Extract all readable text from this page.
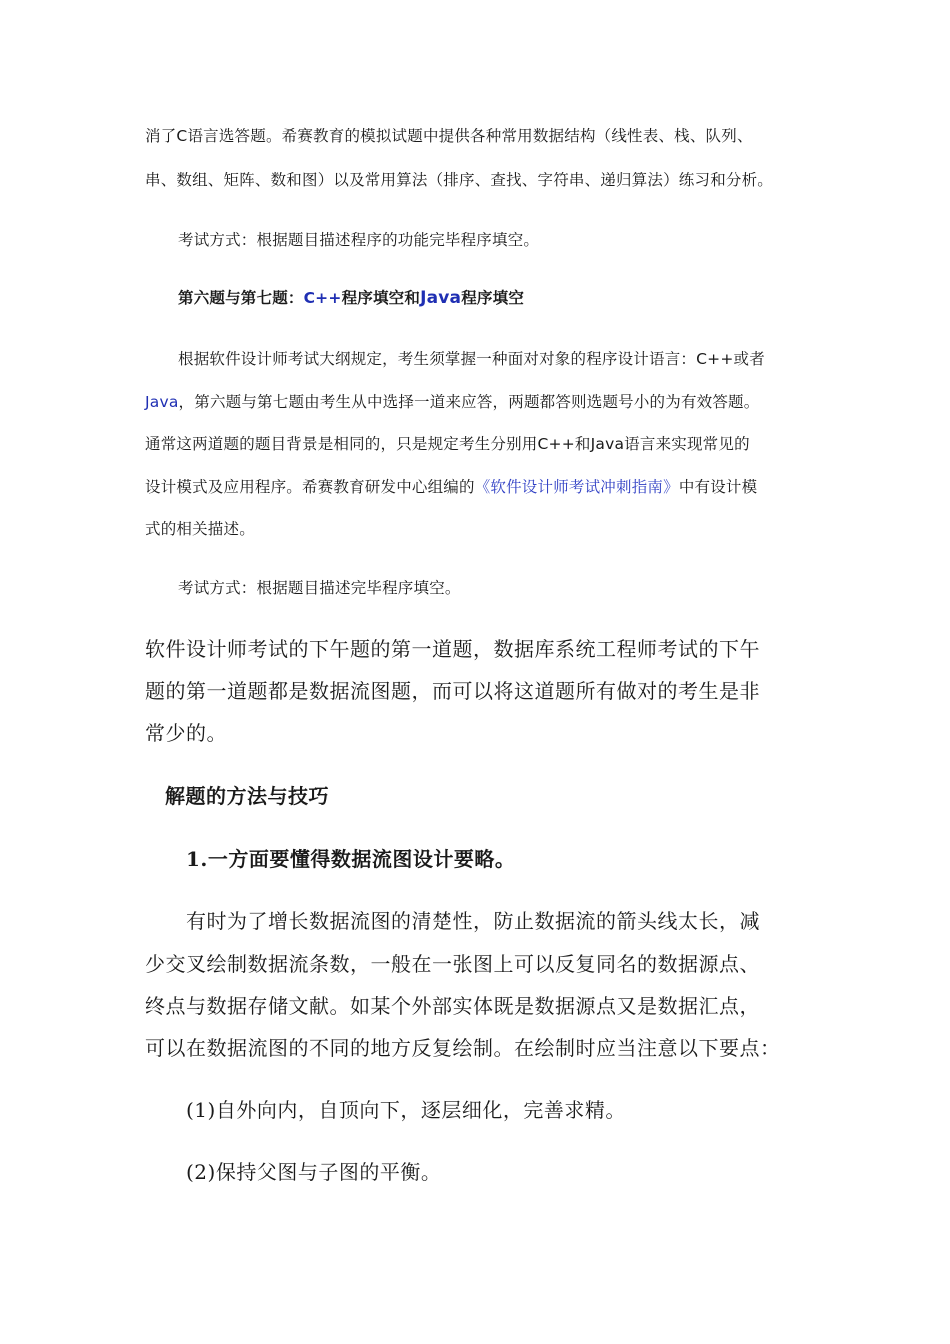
消了C语言选答题。希赛教育的模拟试题中提供各种常用数据结构（线性表、栈、队列、

串、数组、矩阵、数和图）以及常用算法（排序、查找、字符串、递归算法）练习和分析。

考试方式：根据题目描述程序的功能完毕程序填空。

第六题与第七题：C++程序填空和Java程序填空

根据软件设计师考试大纲规定，考生须掌握一种面对对象的程序设计语言：C++或者

Java，第六题与第七题由考生从中选择一道来应答，两题都答则选题号小的为有效答题。

通常这两道题的题目背景是相同的，只是规定考生分别用C++和Java语言来实现常见的

设计模式及应用程序。希赛教育研发中心组编的《软件设计师考试冲刺指南》中有设计模

式的相关描述。

考试方式：根据题目描述完毕程序填空。

软件设计师考试的下午题的第一道题，数据库系统工程师考试的下午

题的第一道题都是数据流图题，而可以将这道题所有做对的考生是非

常少的。

解题的方法与技巧

1.一方面要懂得数据流图设计要略。

有时为了增长数据流图的清楚性，防止数据流的箭头线太长，减

少交叉绘制数据流条数，一般在一张图上可以反复同名的数据源点、

终点与数据存储文献。如某个外部实体既是数据源点又是数据汇点，

可以在数据流图的不同的地方反复绘制。在绘制时应当注意以下要点：

(1)自外向内，自顶向下，逐层细化，完善求精。

(2)保持父图与子图的平衡。
